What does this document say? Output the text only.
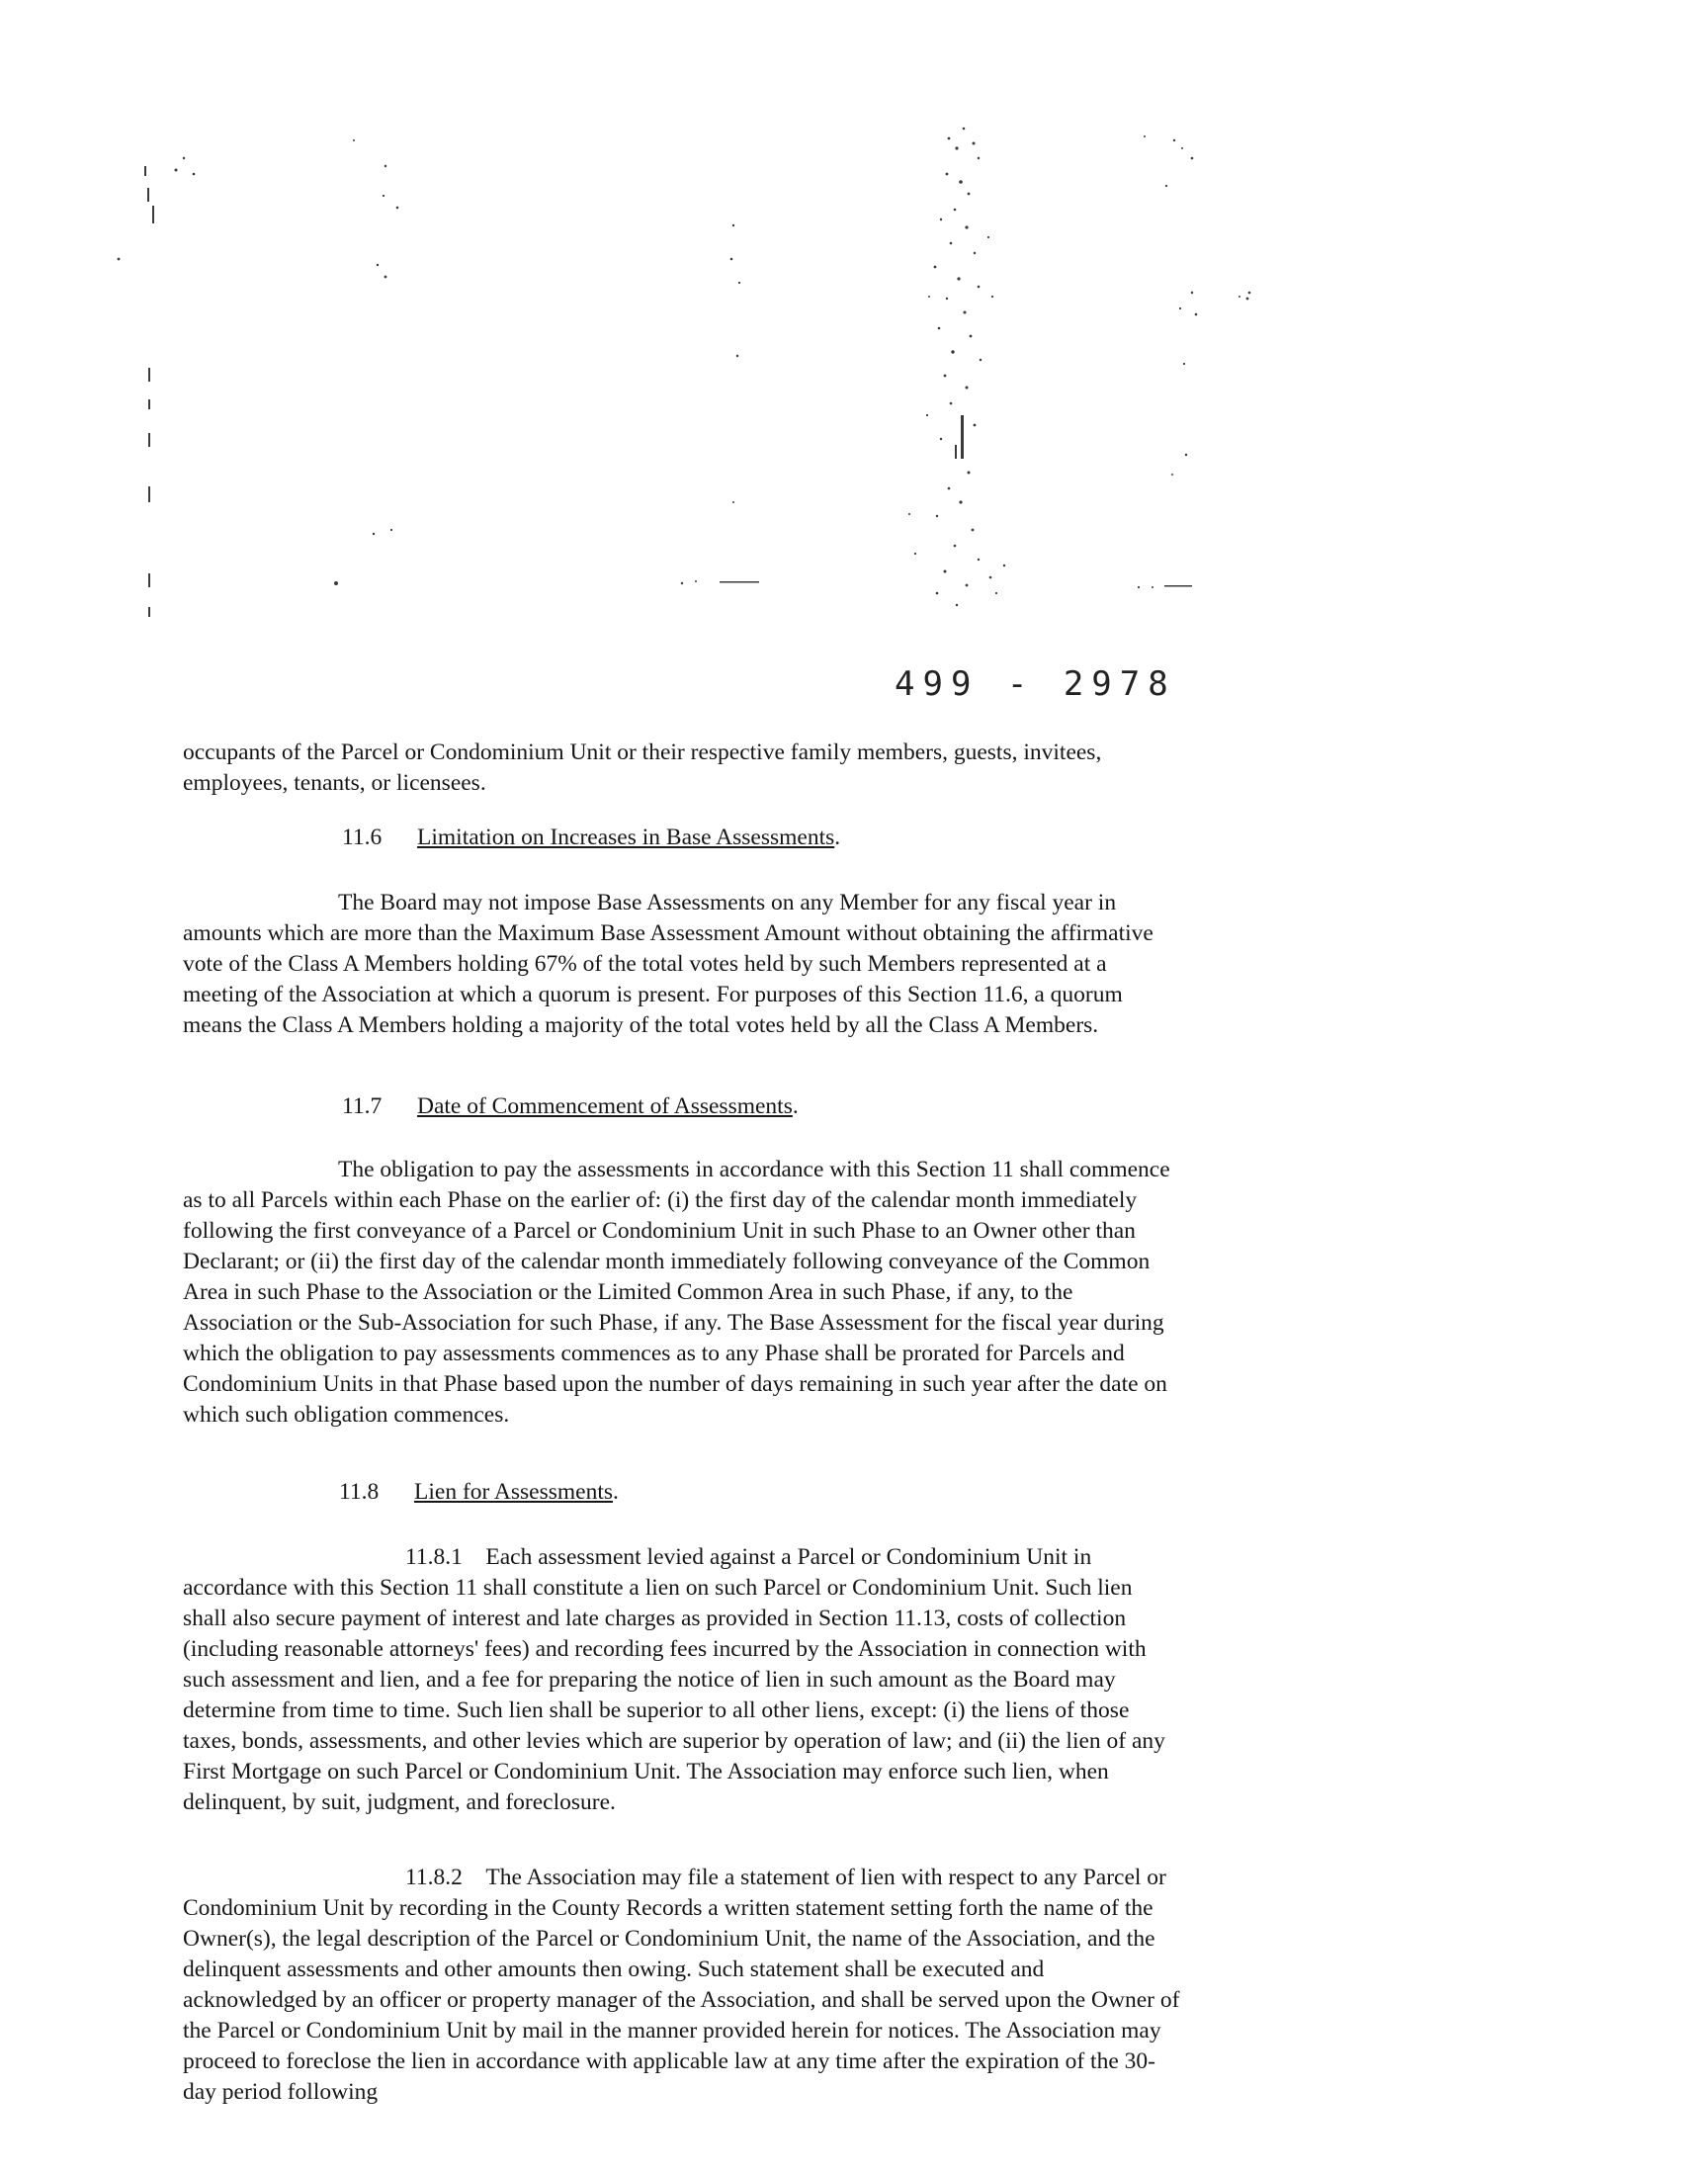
499 - 2978

occupants of the Parcel or Condominium Unit or their respective family members, guests, invitees, employees, tenants, or licensees.

11.6 Limitation on Increases in Base Assessments.

The Board may not impose Base Assessments on any Member for any fiscal year in amounts which are more than the Maximum Base Assessment Amount without obtaining the affirmative vote of the Class A Members holding 67% of the total votes held by such Members represented at a meeting of the Association at which a quorum is present. For purposes of this Section 11.6, a quorum means the Class A Members holding a majority of the total votes held by all the Class A Members.

11.7 Date of Commencement of Assessments.

The obligation to pay the assessments in accordance with this Section 11 shall commence as to all Parcels within each Phase on the earlier of: (i) the first day of the calendar month immediately following the first conveyance of a Parcel or Condominium Unit in such Phase to an Owner other than Declarant; or (ii) the first day of the calendar month immediately following conveyance of the Common Area in such Phase to the Association or the Limited Common Area in such Phase, if any, to the Association or the Sub-Association for such Phase, if any. The Base Assessment for the fiscal year during which the obligation to pay assessments commences as to any Phase shall be prorated for Parcels and Condominium Units in that Phase based upon the number of days remaining in such year after the date on which such obligation commences.

11.8 Lien for Assessments.

11.8.1 Each assessment levied against a Parcel or Condominium Unit in accordance with this Section 11 shall constitute a lien on such Parcel or Condominium Unit. Such lien shall also secure payment of interest and late charges as provided in Section 11.13, costs of collection (including reasonable attorneys' fees) and recording fees incurred by the Association in connection with such assessment and lien, and a fee for preparing the notice of lien in such amount as the Board may determine from time to time. Such lien shall be superior to all other liens, except: (i) the liens of those taxes, bonds, assessments, and other levies which are superior by operation of law; and (ii) the lien of any First Mortgage on such Parcel or Condominium Unit. The Association may enforce such lien, when delinquent, by suit, judgment, and foreclosure.

11.8.2 The Association may file a statement of lien with respect to any Parcel or Condominium Unit by recording in the County Records a written statement setting forth the name of the Owner(s), the legal description of the Parcel or Condominium Unit, the name of the Association, and the delinquent assessments and other amounts then owing. Such statement shall be executed and acknowledged by an officer or property manager of the Association, and shall be served upon the Owner of the Parcel or Condominium Unit by mail in the manner provided herein for notices. The Association may proceed to foreclose the lien in accordance with applicable law at any time after the expiration of the 30-day period following
